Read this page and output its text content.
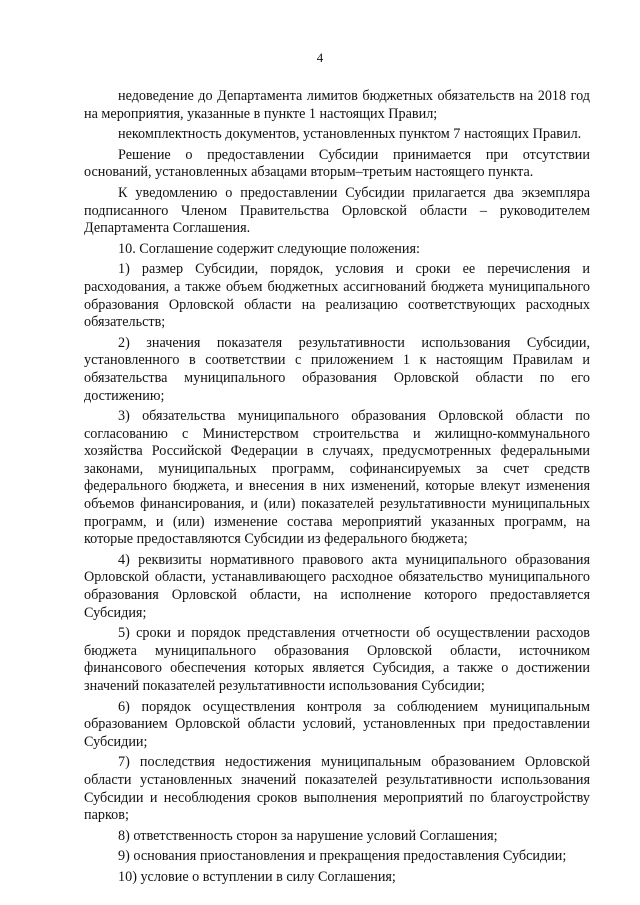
4

недоведение до Департамента лимитов бюджетных обязательств на 2018 год на мероприятия, указанные в пункте 1 настоящих Правил;

некомплектность документов, установленных пунктом 7 настоящих Правил.

Решение о предоставлении Субсидии принимается при отсутствии оснований, установленных абзацами вторым–третьим настоящего пункта.

К уведомлению о предоставлении Субсидии прилагается два экземпляра подписанного Членом Правительства Орловской области – руководителем Департамента Соглашения.

10. Соглашение содержит следующие положения:

1) размер Субсидии, порядок, условия и сроки ее перечисления и расходования, а также объем бюджетных ассигнований бюджета муниципального образования Орловской области на реализацию соответствующих расходных обязательств;

2) значения показателя результативности использования Субсидии, установленного в соответствии с приложением 1 к настоящим Правилам и обязательства муниципального образования Орловской области по его достижению;

3) обязательства муниципального образования Орловской области по согласованию с Министерством строительства и жилищно-коммунального хозяйства Российской Федерации в случаях, предусмотренных федеральными законами, муниципальных программ, софинансируемых за счет средств федерального бюджета, и внесения в них изменений, которые влекут изменения объемов финансирования, и (или) показателей результативности муниципальных программ, и (или) изменение состава мероприятий указанных программ, на которые предоставляются Субсидии из федерального бюджета;

4) реквизиты нормативного правового акта муниципального образования Орловской области, устанавливающего расходное обязательство муниципального образования Орловской области, на исполнение которого предоставляется Субсидия;

5) сроки и порядок представления отчетности об осуществлении расходов бюджета муниципального образования Орловской области, источником финансового обеспечения которых является Субсидия, а также о достижении значений показателей результативности использования Субсидии;

6) порядок осуществления контроля за соблюдением муниципальным образованием Орловской области условий, установленных при предоставлении Субсидии;

7) последствия недостижения муниципальным образованием Орловской области установленных значений показателей результативности использования Субсидии и несоблюдения сроков выполнения мероприятий по благоустройству парков;

8) ответственность сторон за нарушение условий Соглашения;

9) основания приостановления и прекращения предоставления Субсидии;

10) условие о вступлении в силу Соглашения;
